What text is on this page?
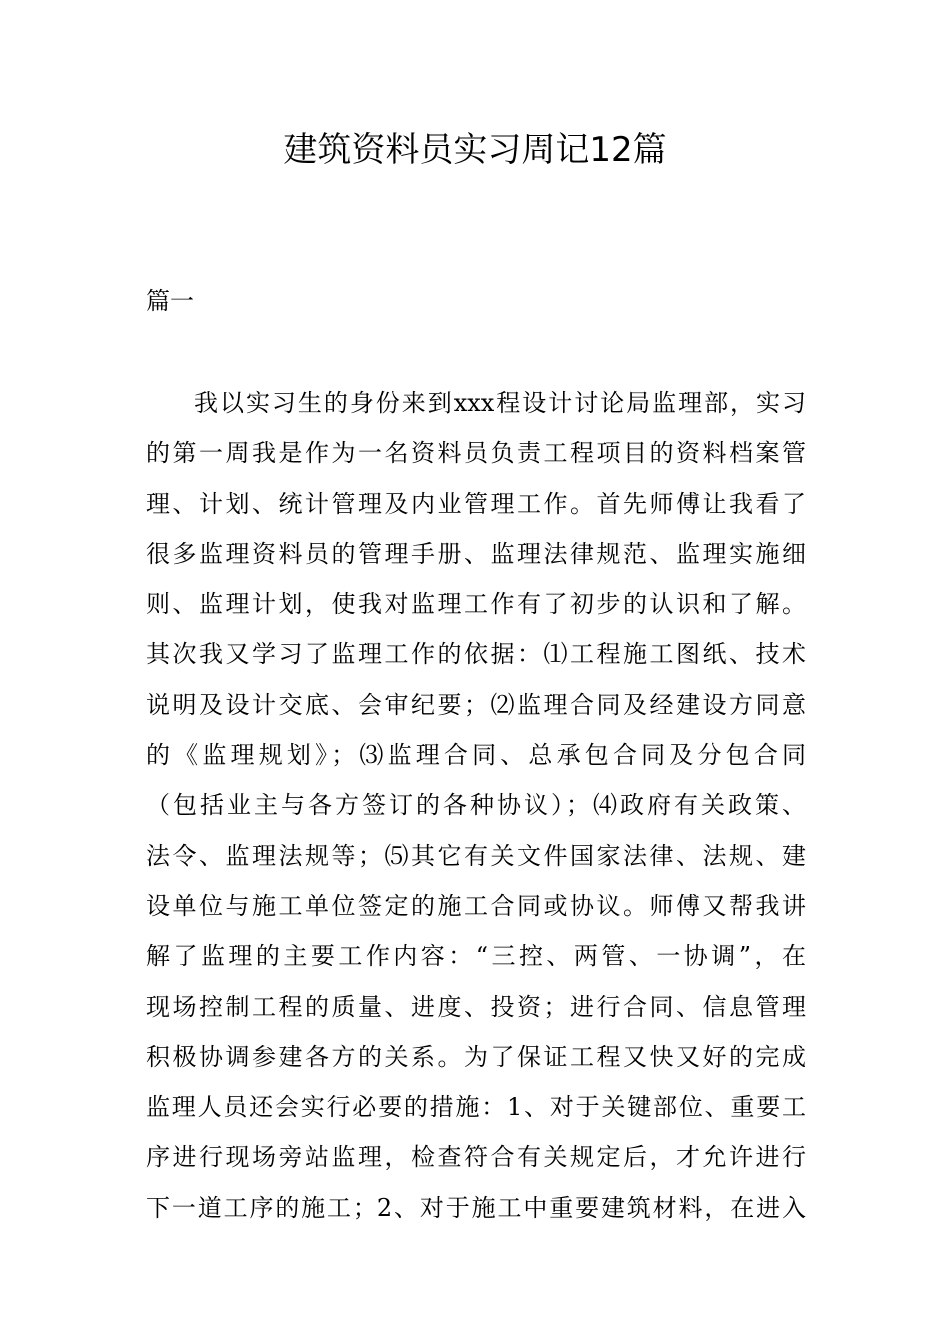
建筑资料员实习周记12篇

篇一

我以实习生的身份来到xxx程设计讨论局监理部，实习
的第一周我是作为一名资料员负责工程项目的资料档案管
理、计划、统计管理及内业管理工作。首先师傅让我看了
很多监理资料员的管理手册、监理法律规范、监理实施细
则、监理计划，使我对监理工作有了初步的认识和了解。
其次我又学习了监理工作的依据：⑴工程施工图纸、技术
说明及设计交底、会审纪要；⑵监理合同及经建设方同意
的《监理规划》；⑶监理合同、总承包合同及分包合同
（包括业主与各方签订的各种协议）；⑷政府有关政策、
法令、监理法规等；⑸其它有关文件国家法律、法规、建
设单位与施工单位签定的施工合同或协议。师傅又帮我讲
解了监理的主要工作内容：“三控、两管、一协调”，在
现场控制工程的质量、进度、投资；进行合同、信息管理
积极协调参建各方的关系。为了保证工程又快又好的完成
监理人员还会实行必要的措施：1、对于关键部位、重要工
序进行现场旁站监理，检查符合有关规定后，才允许进行
下一道工序的施工；2、对于施工中重要建筑材料，在进入
